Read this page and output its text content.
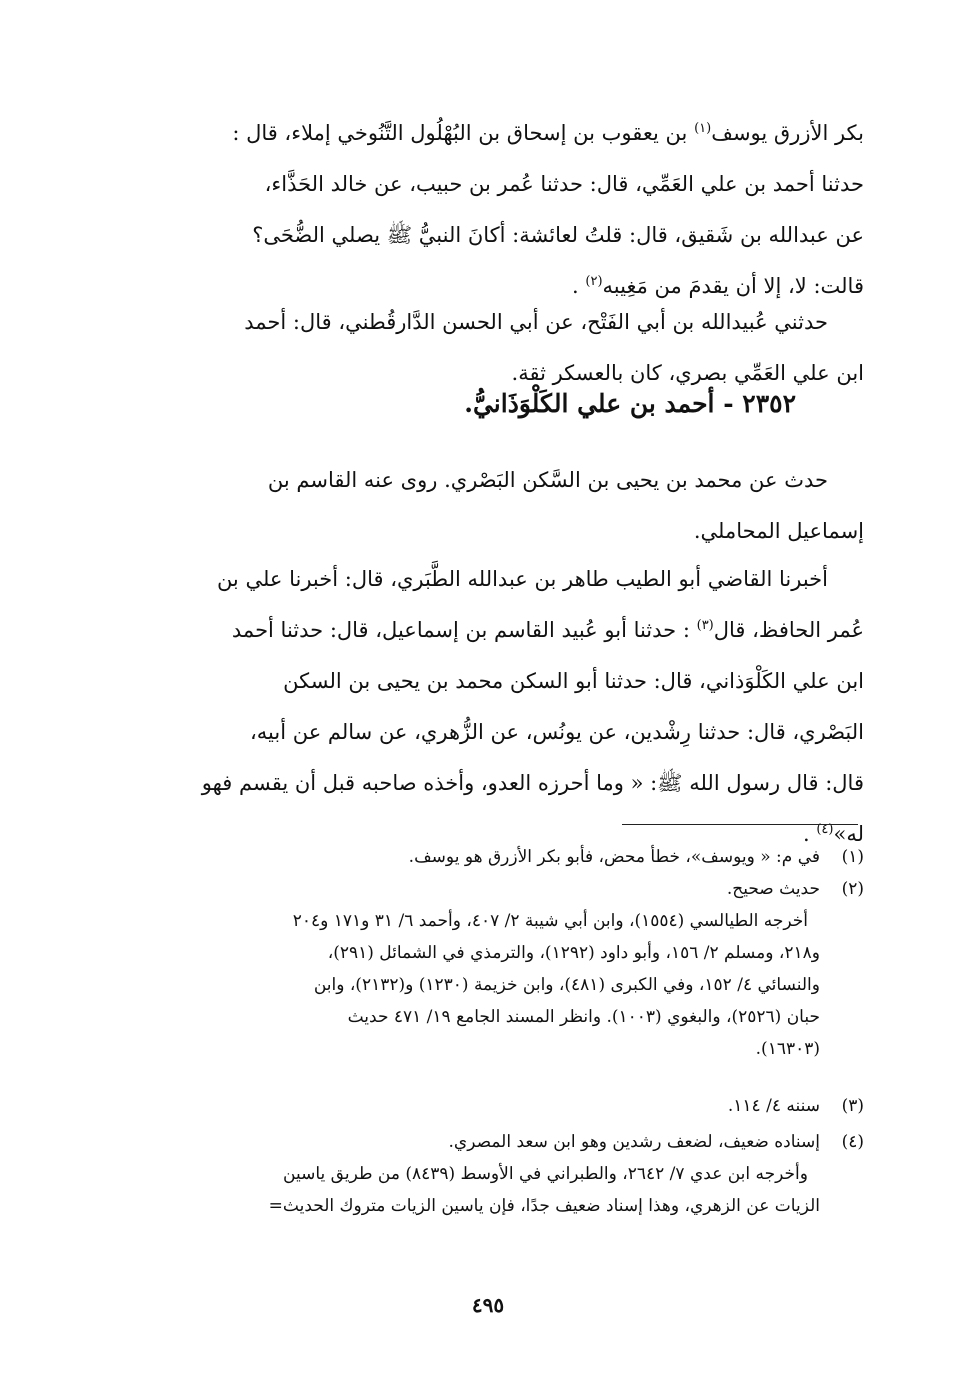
بكر الأزرق يوسف$^{(١)}$ بن يعقوب بن إسحاق بن البُهْلُول التَّنُوخي إملاء، قال :
حدثنا أحمد بن علي العَمِّي، قال: حدثنا عُمر بن حبيب، عن خالد الحَذَّاء،
عن عبدالله بن شَقيق، قال: قلتُ لعائشة: أكانَ النبيُّ ﷺ يصلي الضُّحَى؟
قالت: لا، إلا أن يقدمَ من مَغِيبه$^{(٢)}$ .
حدثني عُبيدالله بن أبي الفَتْح، عن أبي الحسن الدَّارقُطني، قال: أحمد
ابن علي العَمِّي بصري، كان بالعسكر ثقة.
٢٣٥٢ - أحمد بن علي الكَلْوَذَانيُّ.
حدث عن محمد بن يحيى بن السَّكن البَصْري. روى عنه القاسم بن
إسماعيل المحاملي.
أخبرنا القاضي أبو الطيب طاهر بن عبدالله الطَّبَري، قال: أخبرنا علي بن
عُمر الحافظ، قال$^{(٣)}$ : حدثنا أبو عُبيد القاسم بن إسماعيل، قال: حدثنا أحمد
ابن علي الكَلْوَذاني، قال: حدثنا أبو السكن محمد بن يحيى بن السكن
البَصْري، قال: حدثنا رِشْدين، عن يونُس، عن الزُّهري، عن سالم عن أبيه،
قال: قال رسول الله ﷺ: « وما أحرزه العدو، وأخذه صاحبه قبل أن يقسم فهو
له»$^{(٤)}$ .
(١)في م: « ويوسف»، خطأ محض، فأبو بكر الأزرق هو يوسف.
(٢)حديث صحيح.
أخرجه الطيالسي (١٥٥٤)، وابن أبي شيبة ٢/ ٤٠٧، وأحمد ٦/ ٣١ و١٧١ و٢٠٤
و٢١٨، ومسلم ٢/ ١٥٦، وأبو داود (١٢٩٢)، والترمذي في الشمائل (٢٩١)،
والنسائي ٤/ ١٥٢، وفي الكبرى (٤٨١)، وابن خزيمة (١٢٣٠) و(٢١٣٢)، وابن
حبان (٢٥٢٦)، والبغوي (١٠٠٣). وانظر المسند الجامع ١٩/ ٤٧١ حديث
(١٦٣٠٣).
(٣)سننه ٤/ ١١٤.
(٤)إسناده ضعيف، لضعف رشدين وهو ابن سعد المصري.
وأخرجه ابن عدي ٧/ ٢٦٤٢، والطبراني في الأوسط (٨٤٣٩) من طريق ياسين
الزيات عن الزهري، وهذا إسناد ضعيف جدًا، فإن ياسين الزيات متروك الحديث=
٤٩٥
